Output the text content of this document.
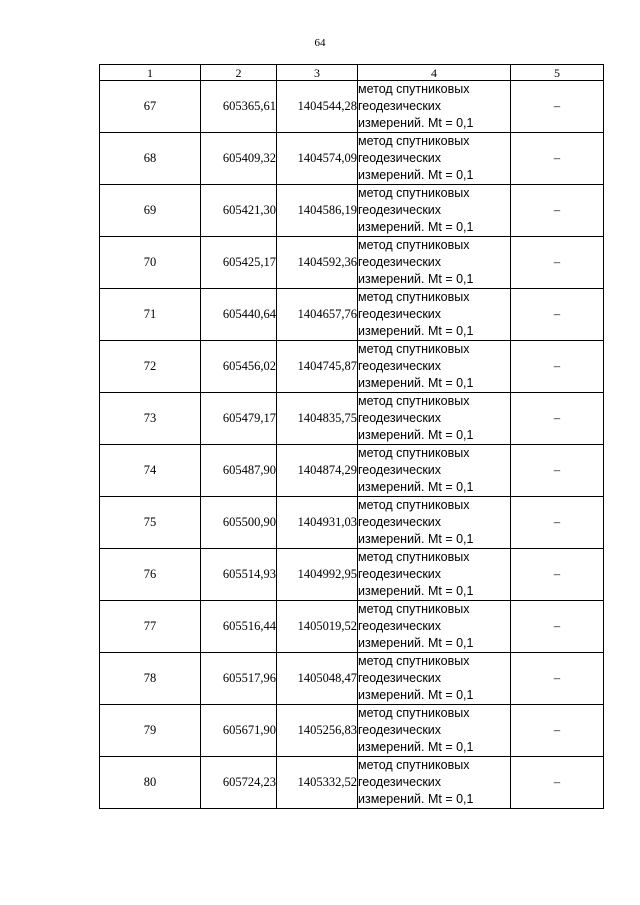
64
1	2	3	4	5
67	605365,61	1404544,28	метод спутниковых
геодезических
измерений. Mt = 0,1	–
68	605409,32	1404574,09	метод спутниковых
геодезических
измерений. Mt = 0,1	–
69	605421,30	1404586,19	метод спутниковых
геодезических
измерений. Mt = 0,1	–
70	605425,17	1404592,36	метод спутниковых
геодезических
измерений. Mt = 0,1	–
71	605440,64	1404657,76	метод спутниковых
геодезических
измерений. Mt = 0,1	–
72	605456,02	1404745,87	метод спутниковых
геодезических
измерений. Mt = 0,1	–
73	605479,17	1404835,75	метод спутниковых
геодезических
измерений. Mt = 0,1	–
74	605487,90	1404874,29	метод спутниковых
геодезических
измерений. Mt = 0,1	–
75	605500,90	1404931,03	метод спутниковых
геодезических
измерений. Mt = 0,1	–
76	605514,93	1404992,95	метод спутниковых
геодезических
измерений. Mt = 0,1	–
77	605516,44	1405019,52	метод спутниковых
геодезических
измерений. Mt = 0,1	–
78	605517,96	1405048,47	метод спутниковых
геодезических
измерений. Mt = 0,1	–
79	605671,90	1405256,83	метод спутниковых
геодезических
измерений. Mt = 0,1	–
80	605724,23	1405332,52	метод спутниковых
геодезических
измерений. Mt = 0,1	–
